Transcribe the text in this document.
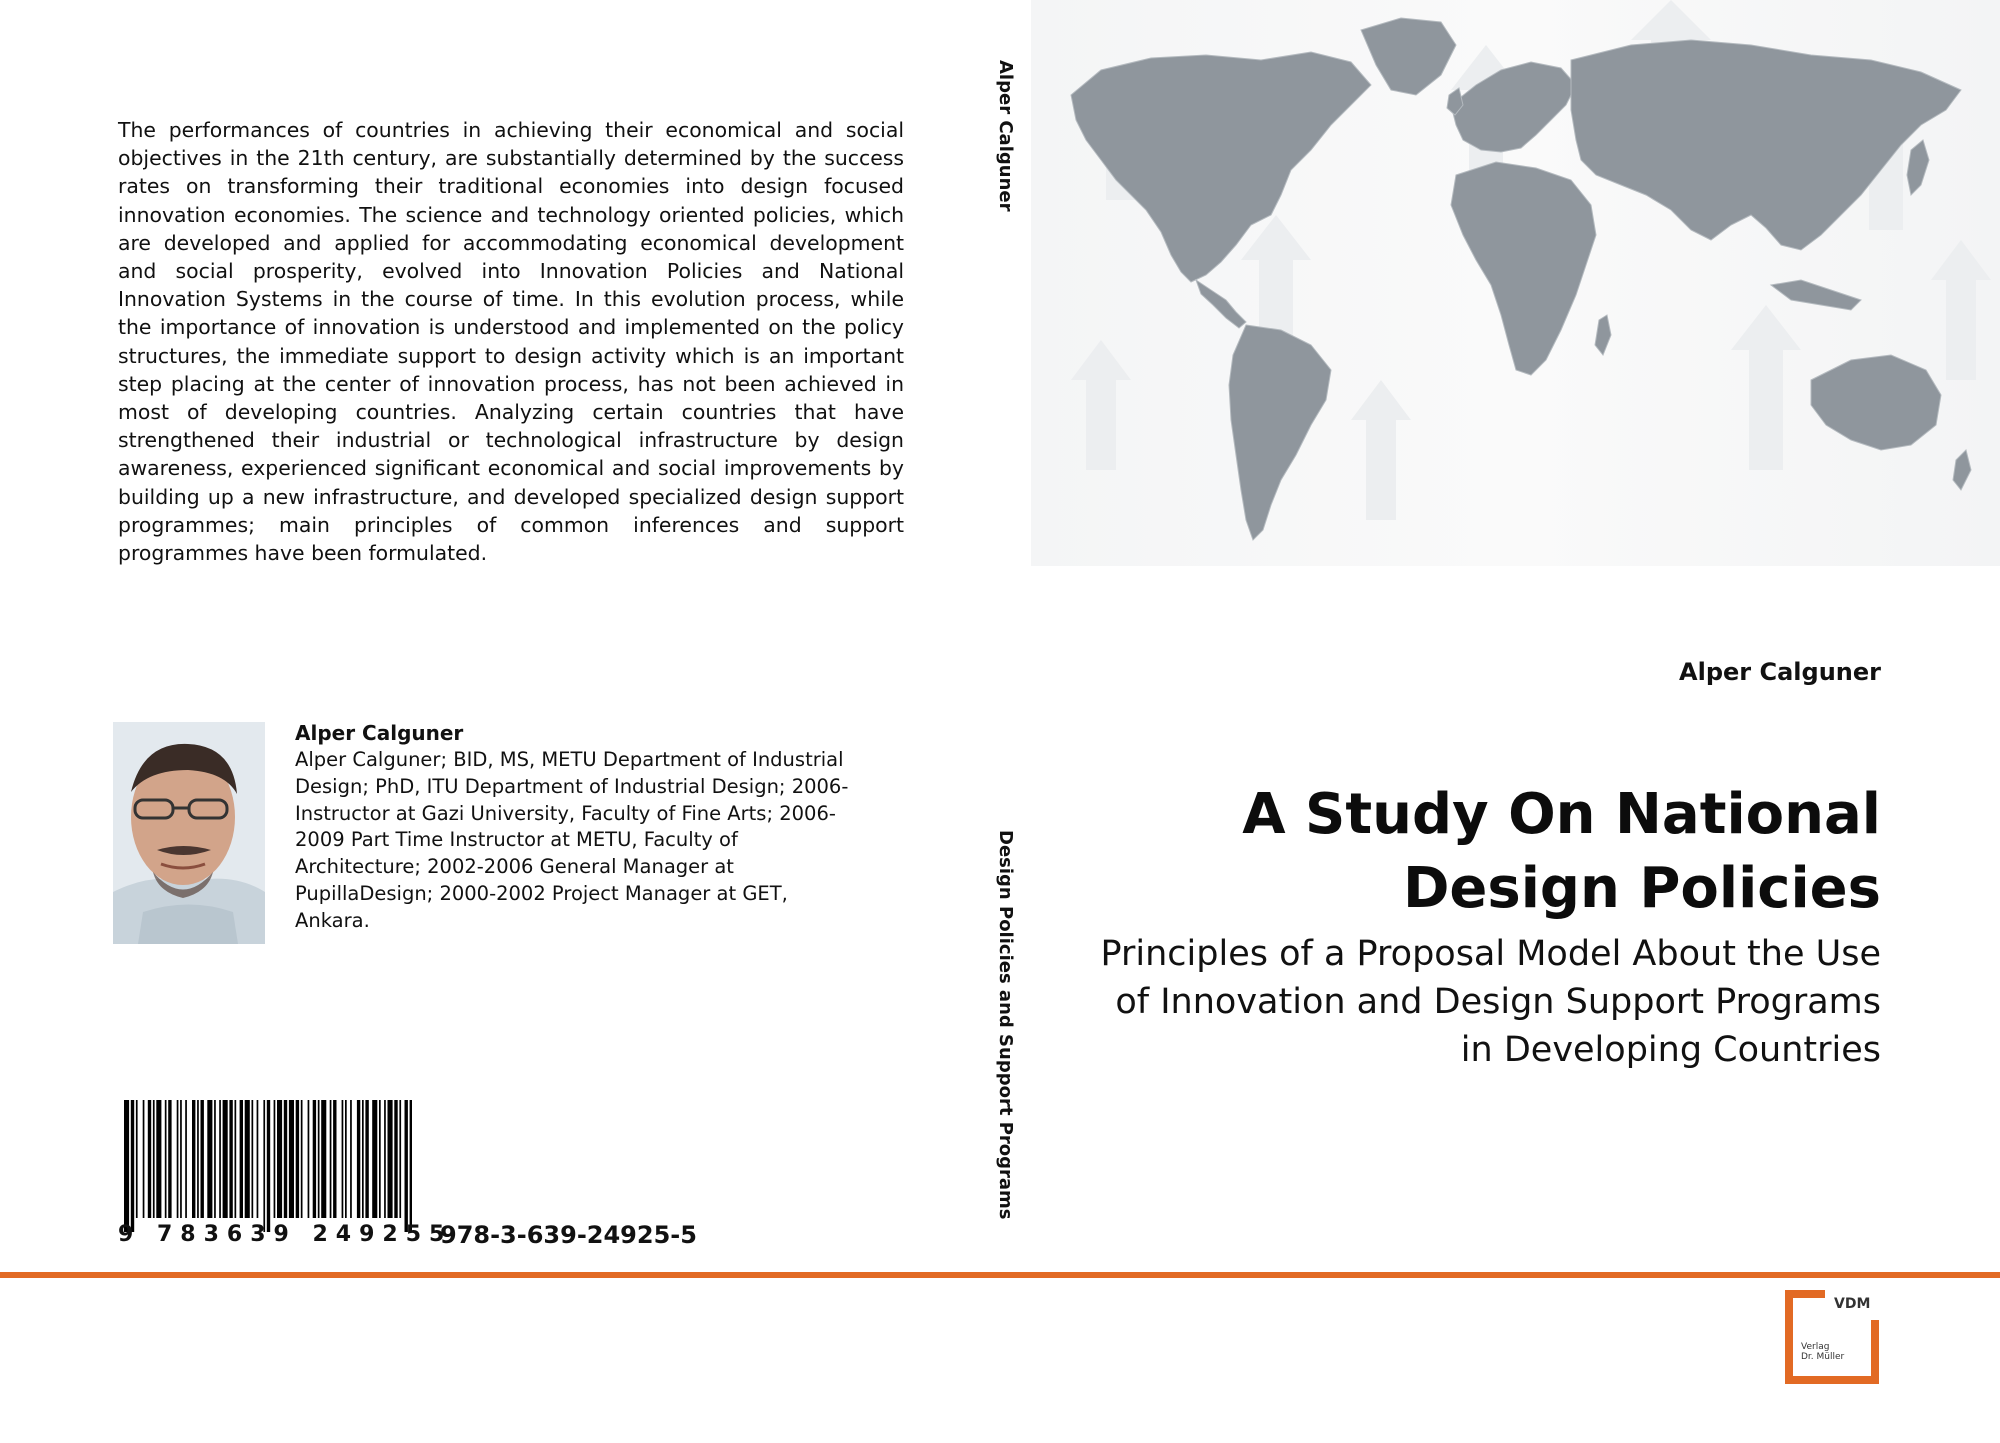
The performances of countries in achieving their economical and social objectives in the 21th century, are substantially determined by the success rates on transforming their traditional economies into design focused innovation economies. The science and technology oriented policies, which are developed and applied for accommodating economical development and social prosperity, evolved into Innovation Policies and National Innovation Systems in the course of time. In this evolution process, while the importance of innovation is understood and implemented on the policy structures, the immediate support to design activity which is an important step placing at the center of innovation process, has not been achieved in most of developing countries. Analyzing certain countries that have strengthened their industrial or technological infrastructure by design awareness, experienced significant economical and social improvements by building up a new infrastructure, and developed specialized design support programmes; main principles of common inferences and support programmes have been formulated.
Alper Calguner
Alper Calguner; BID, MS, METU Department of Industrial Design; PhD, ITU Department of Industrial Design; 2006-Instructor at Gazi University, Faculty of Fine Arts; 2006-2009 Part Time Instructor at METU, Faculty of Architecture; 2002-2006 General Manager at PupillaDesign; 2000-2002 Project Manager at GET, Ankara.
9 783639 249255
978-3-639-24925-5
Alper Calguner
Design Policies and Support Programs
Alper Calguner
A Study On National Design Policies
Principles of a Proposal Model About the Use of Innovation and Design Support Programs in Developing Countries
VDM
Verlag
Dr. Müller
